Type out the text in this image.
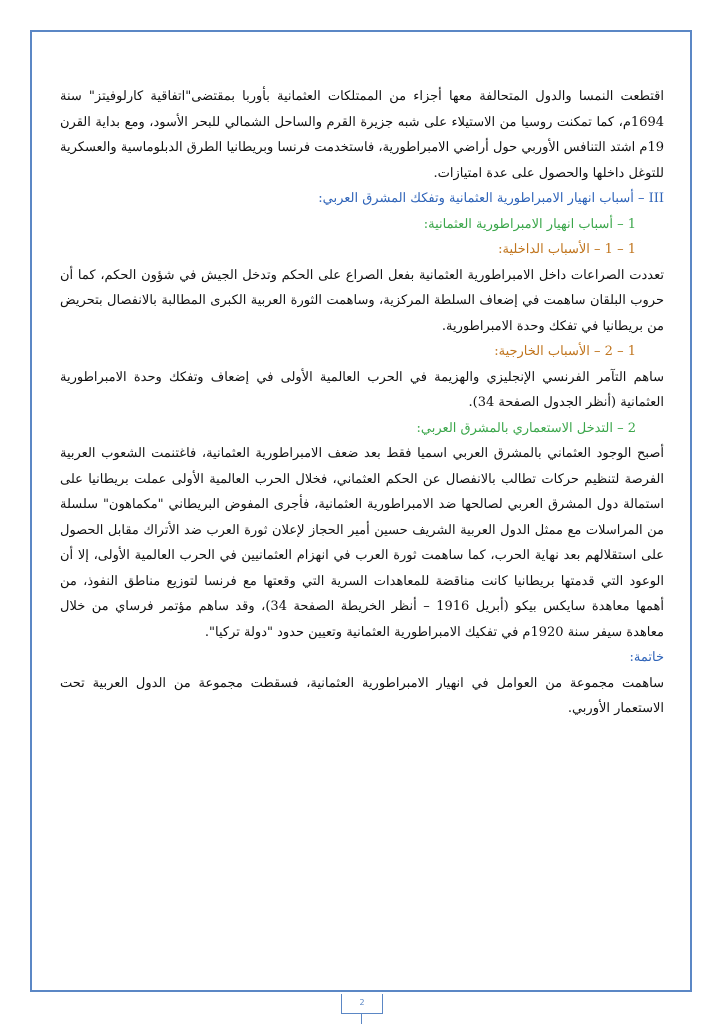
اقتطعت النمسا والدول المتحالفة معها أجزاء من الممتلكات العثمانية بأوربا بمقتضى"اتفاقية كارلوفيتز" سنة 1694م، كما تمكنت روسيا من الاستيلاء على شبه جزيرة القرم والساحل الشمالي للبحر الأسود، ومع بداية القرن 19م اشتد التنافس الأوربي حول أراضي الامبراطورية، فاستخدمت فرنسا وبريطانيا الطرق الدبلوماسية والعسكرية للتوغل داخلها والحصول على عدة امتيازات.

III – أسباب انهيار الامبراطورية العثمانية وتفكك المشرق العربي:
1 – أسباب انهيار الامبراطورية العثمانية:
1 – 1 – الأسباب الداخلية:

تعددت الصراعات داخل الامبراطورية العثمانية بفعل الصراع على الحكم وتدخل الجيش في شؤون الحكم، كما أن حروب البلقان ساهمت في إضعاف السلطة المركزية، وساهمت الثورة العربية الكبرى المطالبة بالانفصال بتحريض من بريطانيا في تفكك وحدة الامبراطورية.

1 – 2 – الأسباب الخارجية:

ساهم التآمر الفرنسي الإنجليزي والهزيمة في الحرب العالمية الأولى في إضعاف وتفكك وحدة الامبراطورية العثمانية (أنظر الجدول الصفحة 34).

2 – التدخل الاستعماري بالمشرق العربي:

أصبح الوجود العثماني بالمشرق العربي اسميا فقط بعد ضعف الامبراطورية العثمانية، فاغتنمت الشعوب العربية الفرصة لتنظيم حركات تطالب بالانفصال عن الحكم العثماني، فخلال الحرب العالمية الأولى عملت بريطانيا على استمالة دول المشرق العربي لصالحها ضد الامبراطورية العثمانية، فأجرى المفوض البريطاني "مكماهون" سلسلة من المراسلات مع ممثل الدول العربية الشريف حسين أمير الحجاز لإعلان ثورة العرب ضد الأتراك مقابل الحصول على استقلالهم بعد نهاية الحرب، كما ساهمت ثورة العرب في انهزام العثمانيين في الحرب العالمية الأولى، إلا أن الوعود التي قدمتها بريطانيا كانت مناقضة للمعاهدات السرية التي وقعتها مع فرنسا لتوزيع مناطق النفوذ، من أهمها معاهدة سايكس بيكو (أبريل 1916 – أنظر الخريطة الصفحة 34)، وقد ساهم مؤتمر فرساي من خلال معاهدة سيفر سنة 1920م في تفكيك الامبراطورية العثمانية وتعيين حدود "دولة تركيا".

خاتمة:

ساهمت مجموعة من العوامل في انهيار الامبراطورية العثمانية، فسقطت مجموعة من الدول العربية تحت الاستعمار الأوربي.

2
